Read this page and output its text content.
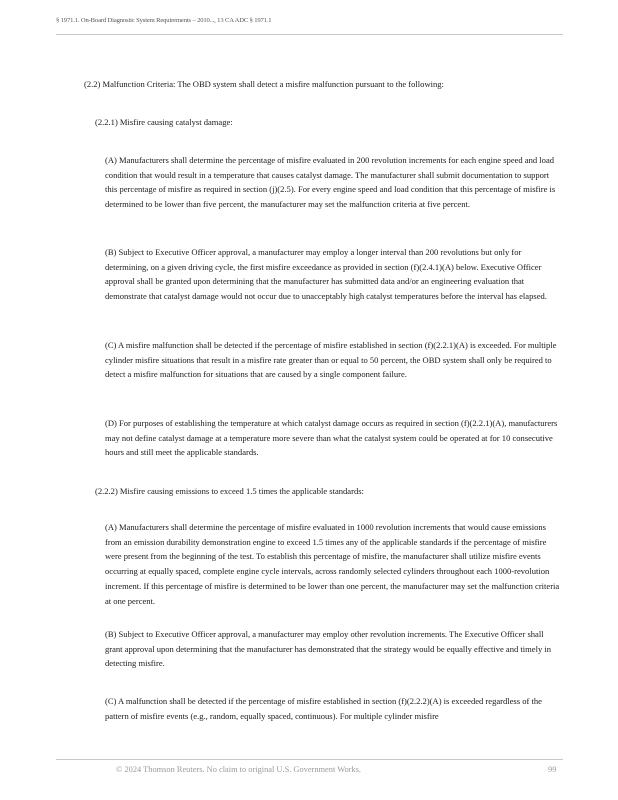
§ 1971.1. On-Board Diagnostic System Requirements – 2010..., 13 CA ADC § 1971.1

(2.2) Malfunction Criteria: The OBD system shall detect a misfire malfunction pursuant to the following:

(2.2.1) Misfire causing catalyst damage:

(A) Manufacturers shall determine the percentage of misfire evaluated in 200 revolution increments for each engine speed and load condition that would result in a temperature that causes catalyst damage. The manufacturer shall submit documentation to support this percentage of misfire as required in section (j)(2.5). For every engine speed and load condition that this percentage of misfire is determined to be lower than five percent, the manufacturer may set the malfunction criteria at five percent.

(B) Subject to Executive Officer approval, a manufacturer may employ a longer interval than 200 revolutions but only for determining, on a given driving cycle, the first misfire exceedance as provided in section (f)(2.4.1)(A) below. Executive Officer approval shall be granted upon determining that the manufacturer has submitted data and/or an engineering evaluation that demonstrate that catalyst damage would not occur due to unacceptably high catalyst temperatures before the interval has elapsed.

(C) A misfire malfunction shall be detected if the percentage of misfire established in section (f)(2.2.1)(A) is exceeded. For multiple cylinder misfire situations that result in a misfire rate greater than or equal to 50 percent, the OBD system shall only be required to detect a misfire malfunction for situations that are caused by a single component failure.

(D) For purposes of establishing the temperature at which catalyst damage occurs as required in section (f)(2.2.1)(A), manufacturers may not define catalyst damage at a temperature more severe than what the catalyst system could be operated at for 10 consecutive hours and still meet the applicable standards.

(2.2.2) Misfire causing emissions to exceed 1.5 times the applicable standards:

(A) Manufacturers shall determine the percentage of misfire evaluated in 1000 revolution increments that would cause emissions from an emission durability demonstration engine to exceed 1.5 times any of the applicable standards if the percentage of misfire were present from the beginning of the test. To establish this percentage of misfire, the manufacturer shall utilize misfire events occurring at equally spaced, complete engine cycle intervals, across randomly selected cylinders throughout each 1000-revolution increment. If this percentage of misfire is determined to be lower than one percent, the manufacturer may set the malfunction criteria at one percent.

(B) Subject to Executive Officer approval, a manufacturer may employ other revolution increments. The Executive Officer shall grant approval upon determining that the manufacturer has demonstrated that the strategy would be equally effective and timely in detecting misfire.

(C) A malfunction shall be detected if the percentage of misfire established in section (f)(2.2.2)(A) is exceeded regardless of the pattern of misfire events (e.g., random, equally spaced, continuous). For multiple cylinder misfire

© 2024 Thomson Reuters. No claim to original U.S. Government Works.	99
